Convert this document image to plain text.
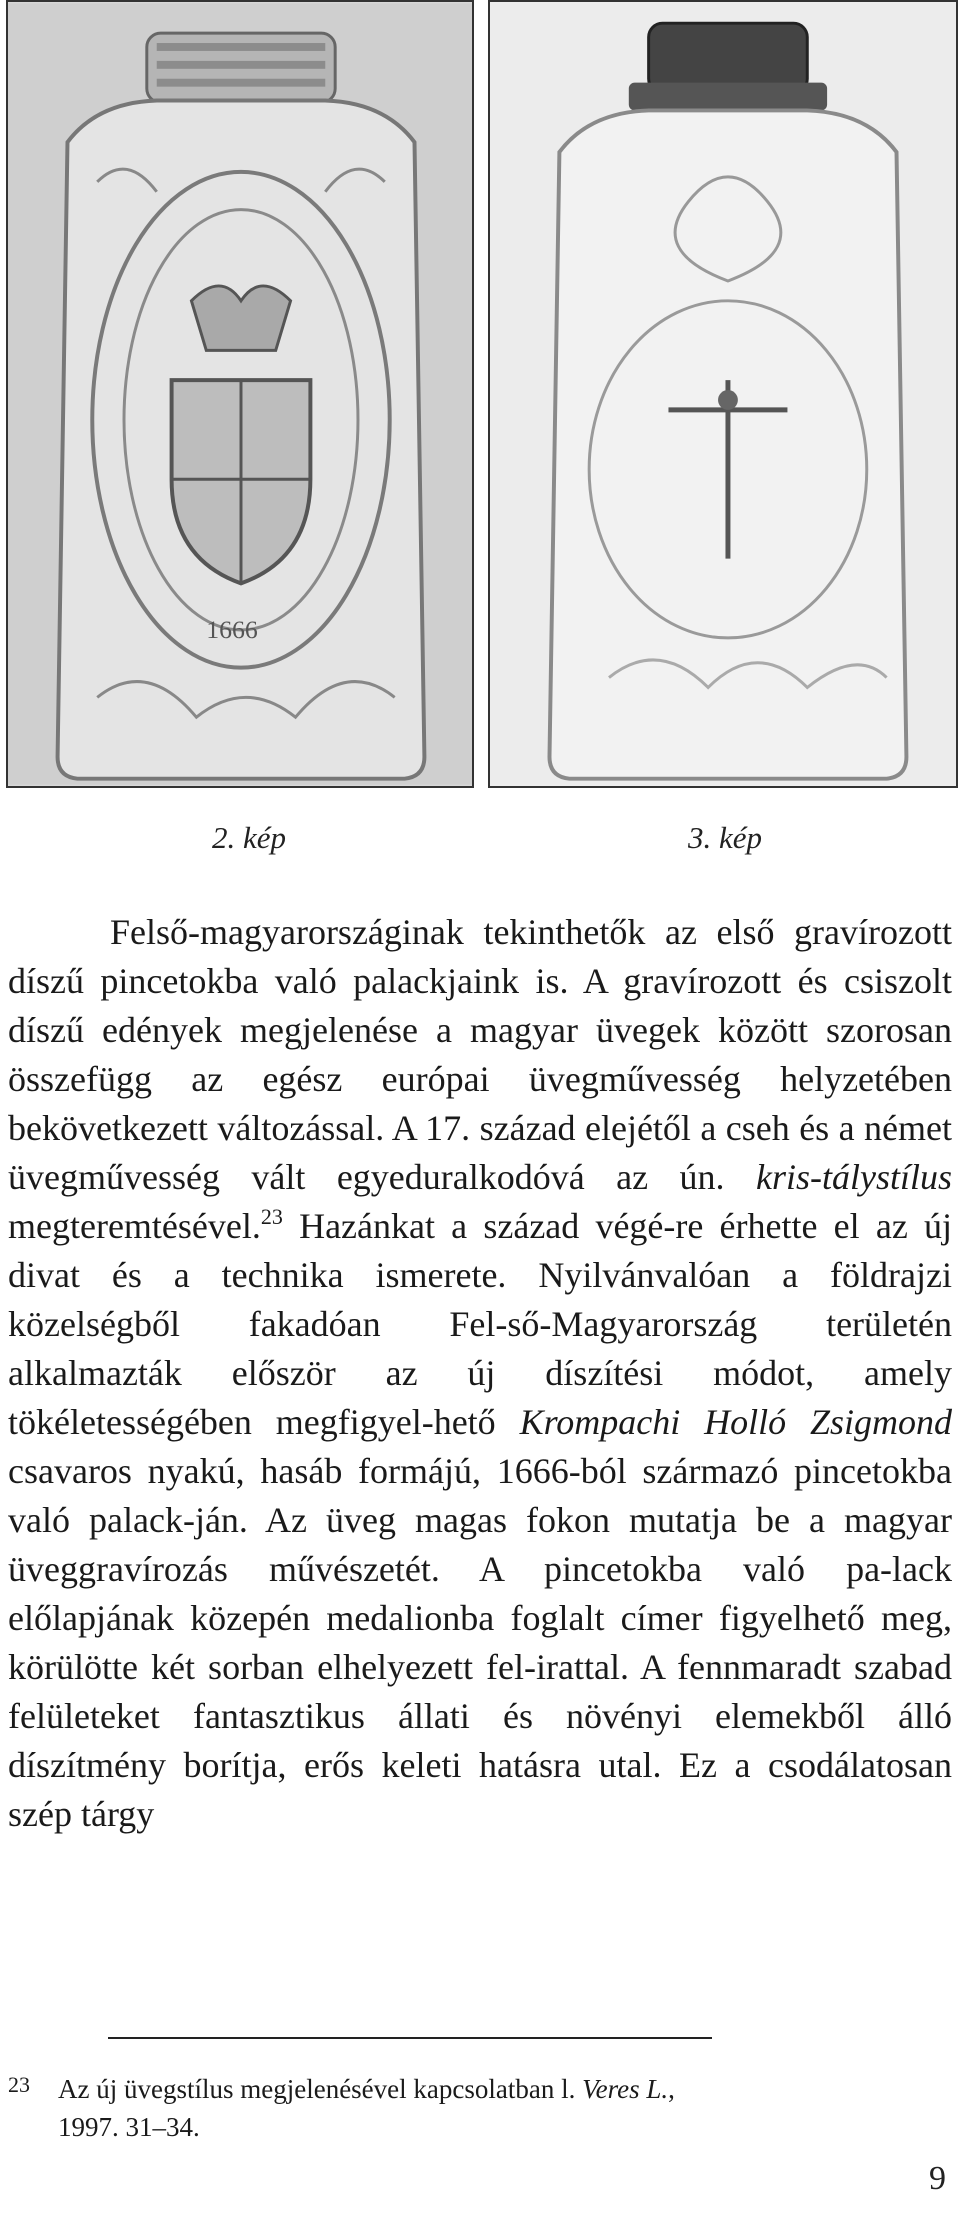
1666
2. kép	3. kép

Felső-magyarországinak tekinthetők az első gravírozott díszű pincetokba való palackjaink is. A gravírozott és csiszolt díszű edények megjelenése a magyar üvegek között szorosan összefügg az egész európai üvegművesség helyzetében bekövetkezett változással. A 17. század elejétől a cseh és a német üvegművesség vált egyeduralkodóvá az ún. kris-tálystílus megteremtésével.$^{23}$ Hazánkat a század végé-re érhette el az új divat és a technika ismerete. Nyilvánvalóan a földrajzi közelségből fakadóan Fel-ső-Magyarország területén alkalmazták először az új díszítési módot, amely tökéletességében megfigyel-hető Krompachi Holló Zsigmond csavaros nyakú, hasáb formájú, 1666-ból származó pincetokba való palack-ján. Az üveg magas fokon mutatja be a magyar üveggravírozás művészetét. A pincetokba való pa-lack előlapjának közepén medalionba foglalt címer figyelhető meg, körülötte két sorban elhelyezett fel-irattal. A fennmaradt szabad felületeket fantasztikus állati és növényi elemekből álló díszítmény borítja, erős keleti hatásra utal. Ez a csodálatosan szép tárgy

23 Az új üvegstílus megjelenésével kapcsolatban l. Veres L.,
1997. 31–34.
9
